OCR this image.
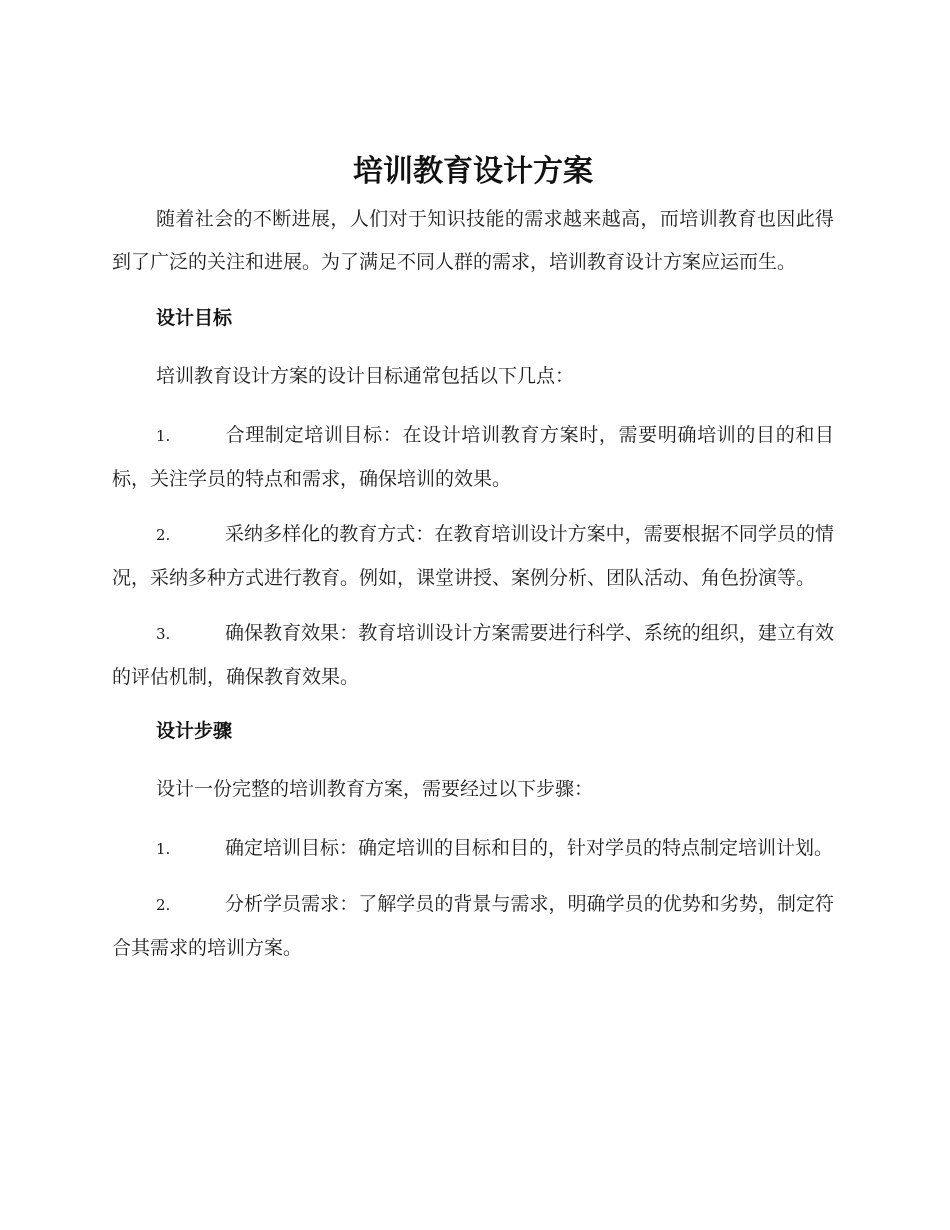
培训教育设计方案

随着社会的不断进展，人们对于知识技能的需求越来越高，而培训教育也因此得到了广泛的关注和进展。为了满足不同人群的需求，培训教育设计方案应运而生。

设计目标

培训教育设计方案的设计目标通常包括以下几点：

1.	合理制定培训目标：在设计培训教育方案时，需要明确培训的目的和目标，关注学员的特点和需求，确保培训的效果。

2.	采纳多样化的教育方式：在教育培训设计方案中，需要根据不同学员的情况，采纳多种方式进行教育。例如，课堂讲授、案例分析、团队活动、角色扮演等。

3.	确保教育效果：教育培训设计方案需要进行科学、系统的组织，建立有效的评估机制，确保教育效果。

设计步骤

设计一份完整的培训教育方案，需要经过以下步骤：

1.	确定培训目标：确定培训的目标和目的，针对学员的特点制定培训计划。

2.	分析学员需求：了解学员的背景与需求，明确学员的优势和劣势，制定符合其需求的培训方案。
